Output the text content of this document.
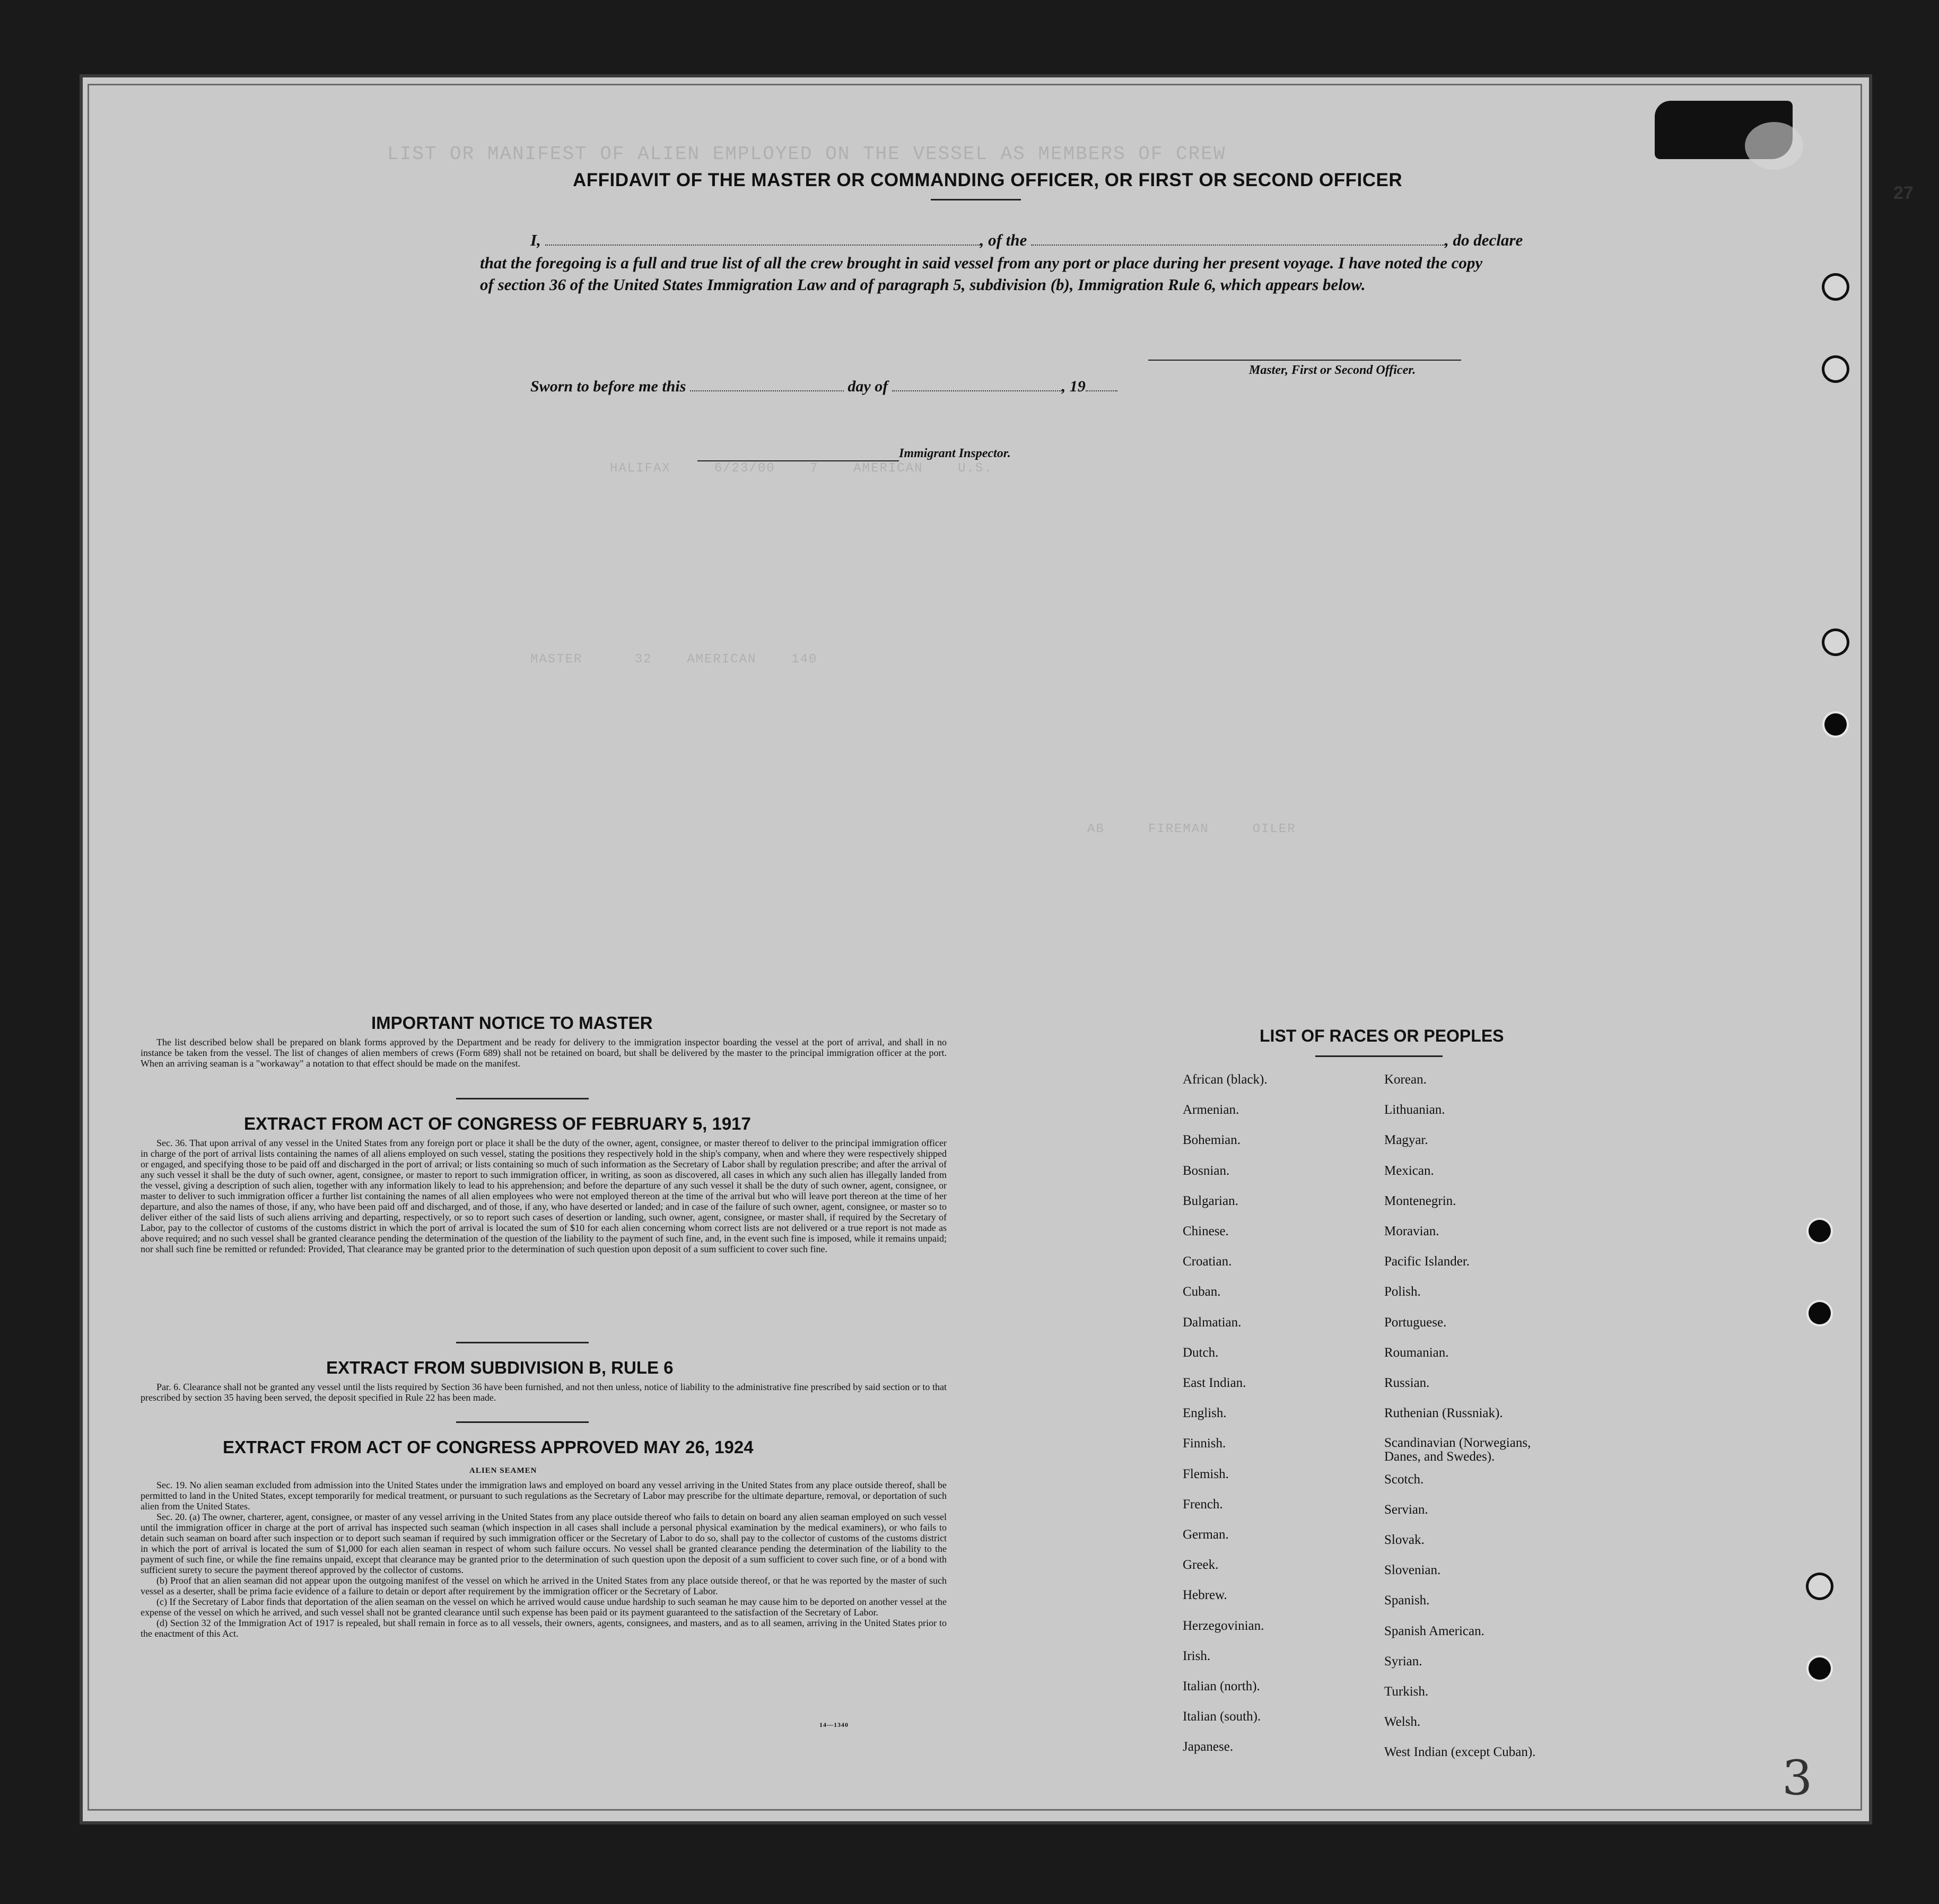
LIST OR MANIFEST OF ALIEN EMPLOYED ON THE VESSEL AS MEMBERS OF CREW
HALIFAX     6/23/00    7    AMERICAN    U.S.
MASTER      32    AMERICAN    140
AB     FIREMAN     OILER
27
AFFIDAVIT OF THE MASTER OR COMMANDING OFFICER, OR FIRST OR SECOND OFFICER
I,	, of the	, do declare
that the foregoing is a full and true list of all the crew brought in said vessel from any port or place during her present voyage. I have noted the copy of section 36 of the United States Immigration Law and of paragraph 5, subdivision (b), Immigration Rule 6, which appears below.
Master, First or Second Officer.
Sworn to before me this	day of	, 19
Immigrant Inspector.
IMPORTANT NOTICE TO MASTER

The list described below shall be prepared on blank forms approved by the Department and be ready for delivery to the immigration inspector boarding the vessel at the port of arrival, and shall in no instance be taken from the vessel. The list of changes of alien members of crews (Form 689) shall not be retained on board, but shall be delivered by the master to the principal immigration officer at the port. When an arriving seaman is a "workaway" a notation to that effect should be made on the manifest.

EXTRACT FROM ACT OF CONGRESS OF FEBRUARY 5, 1917

Sec. 36. That upon arrival of any vessel in the United States from any foreign port or place it shall be the duty of the owner, agent, consignee, or master thereof to deliver to the principal immigration officer in charge of the port of arrival lists containing the names of all aliens employed on such vessel, stating the positions they respectively hold in the ship's company, when and where they were respectively shipped or engaged, and specifying those to be paid off and discharged in the port of arrival; or lists containing so much of such information as the Secretary of Labor shall by regulation prescribe; and after the arrival of any such vessel it shall be the duty of such owner, agent, consignee, or master to report to such immigration officer, in writing, as soon as discovered, all cases in which any such alien has illegally landed from the vessel, giving a description of such alien, together with any information likely to lead to his apprehension; and before the departure of any such vessel it shall be the duty of such owner, agent, consignee, or master to deliver to such immigration officer a further list containing the names of all alien employees who were not employed thereon at the time of the arrival but who will leave port thereon at the time of her departure, and also the names of those, if any, who have been paid off and discharged, and of those, if any, who have deserted or landed; and in case of the failure of such owner, agent, consignee, or master so to deliver either of the said lists of such aliens arriving and departing, respectively, or so to report such cases of desertion or landing, such owner, agent, consignee, or master shall, if required by the Secretary of Labor, pay to the collector of customs of the customs district in which the port of arrival is located the sum of $10 for each alien concerning whom correct lists are not delivered or a true report is not made as above required; and no such vessel shall be granted clearance pending the determination of the question of the liability to the payment of such fine, and, in the event such fine is imposed, while it remains unpaid; nor shall such fine be remitted or refunded: Provided, That clearance may be granted prior to the determination of such question upon deposit of a sum sufficient to cover such fine.

EXTRACT FROM SUBDIVISION B, RULE 6

Par. 6. Clearance shall not be granted any vessel until the lists required by Section 36 have been furnished, and not then unless, notice of liability to the administrative fine prescribed by said section or to that prescribed by section 35 having been served, the deposit specified in Rule 22 has been made.

EXTRACT FROM ACT OF CONGRESS APPROVED MAY 26, 1924
ALIEN SEAMEN

Sec. 19. No alien seaman excluded from admission into the United States under the immigration laws and employed on board any vessel arriving in the United States from any place outside thereof, shall be permitted to land in the United States, except temporarily for medical treatment, or pursuant to such regulations as the Secretary of Labor may prescribe for the ultimate departure, removal, or deportation of such alien from the United States.

Sec. 20. (a) The owner, charterer, agent, consignee, or master of any vessel arriving in the United States from any place outside thereof who fails to detain on board any alien seaman employed on such vessel until the immigration officer in charge at the port of arrival has inspected such seaman (which inspection in all cases shall include a personal physical examination by the medical examiners), or who fails to detain such seaman on board after such inspection or to deport such seaman if required by such immigration officer or the Secretary of Labor to do so, shall pay to the collector of customs of the customs district in which the port of arrival is located the sum of $1,000 for each alien seaman in respect of whom such failure occurs. No vessel shall be granted clearance pending the determination of the liability to the payment of such fine, or while the fine remains unpaid, except that clearance may be granted prior to the determination of such question upon the deposit of a sum sufficient to cover such fine, or of a bond with sufficient surety to secure the payment thereof approved by the collector of customs.

(b) Proof that an alien seaman did not appear upon the outgoing manifest of the vessel on which he arrived in the United States from any place outside thereof, or that he was reported by the master of such vessel as a deserter, shall be prima facie evidence of a failure to detain or deport after requirement by the immigration officer or the Secretary of Labor.

(c) If the Secretary of Labor finds that deportation of the alien seaman on the vessel on which he arrived would cause undue hardship to such seaman he may cause him to be deported on another vessel at the expense of the vessel on which he arrived, and such vessel shall not be granted clearance until such expense has been paid or its payment guaranteed to the satisfaction of the Secretary of Labor.

(d) Section 32 of the Immigration Act of 1917 is repealed, but shall remain in force as to all vessels, their owners, agents, consignees, and masters, and as to all seamen, arriving in the United States prior to the enactment of this Act.

14—1340
LIST OF RACES OR PEOPLES
African (black).
Armenian.
Bohemian.
Bosnian.
Bulgarian.
Chinese.
Croatian.
Cuban.
Dalmatian.
Dutch.
East Indian.
English.
Finnish.
Flemish.
French.
German.
Greek.
Hebrew.
Herzegovinian.
Irish.
Italian (north).
Italian (south).
Japanese.
Korean.
Lithuanian.
Magyar.
Mexican.
Montenegrin.
Moravian.
Pacific Islander.
Polish.
Portuguese.
Roumanian.
Russian.
Ruthenian (Russniak).
Scandinavian (Norwegians, Danes, and Swedes).
Scotch.
Servian.
Slovak.
Slovenian.
Spanish.
Spanish American.
Syrian.
Turkish.
Welsh.
West Indian (except Cuban).	3
